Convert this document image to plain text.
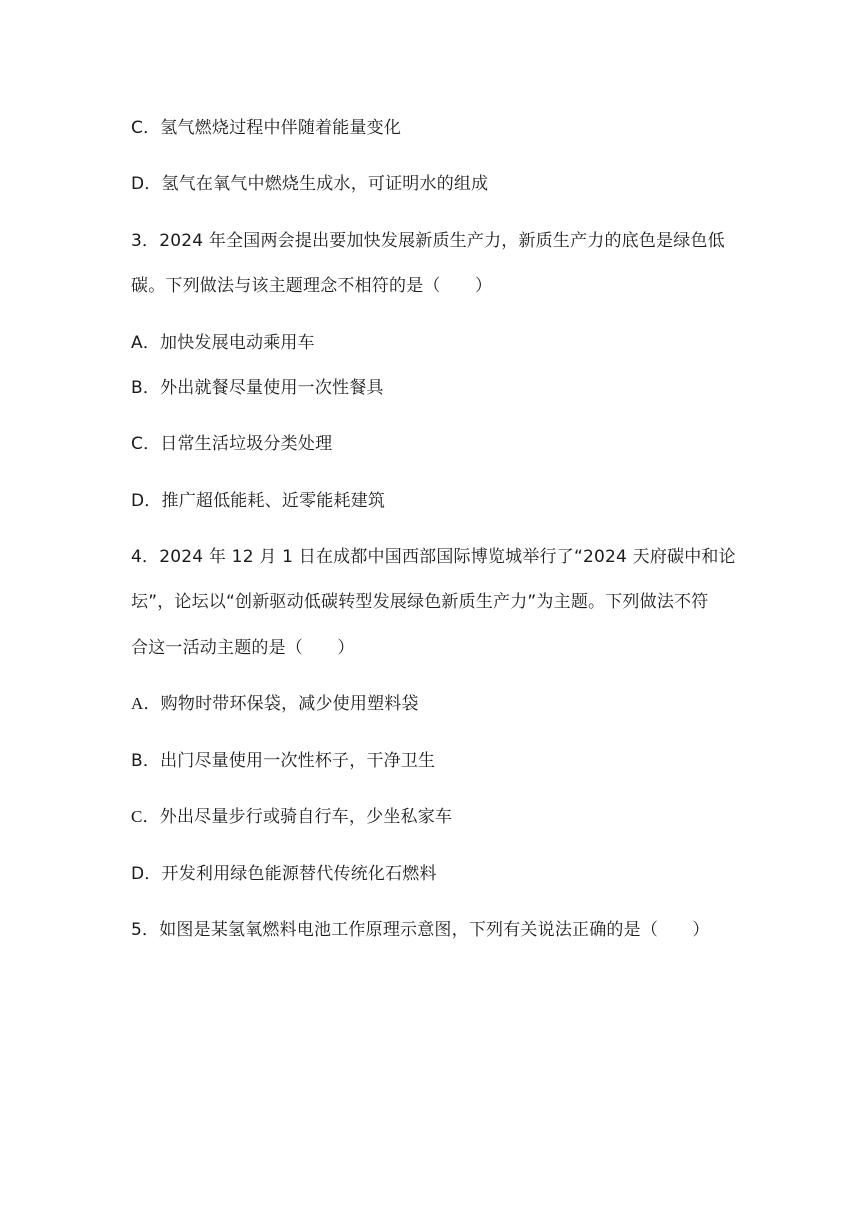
C．氢气燃烧过程中伴随着能量变化
D．氢气在氧气中燃烧生成水，可证明水的组成
3．2024 年全国两会提出要加快发展新质生产力，新质生产力的底色是绿色低
碳。下列做法与该主题理念不相符的是（　　）
A．加快发展电动乘用车
B．外出就餐尽量使用一次性餐具
C．日常生活垃圾分类处理
D．推广超低能耗、近零能耗建筑
4．2024 年 12 月 1 日在成都中国西部国际博览城举行了“2024 天府碳中和论
坛”，论坛以“创新驱动低碳转型发展绿色新质生产力”为主题。下列做法不符
合这一活动主题的是（　　）
A．购物时带环保袋，减少使用塑料袋
B．出门尽量使用一次性杯子，干净卫生
C．外出尽量步行或骑自行车，少坐私家车
D．开发利用绿色能源替代传统化石燃料
5．如图是某氢氧燃料电池工作原理示意图，下列有关说法正确的是（　　）
